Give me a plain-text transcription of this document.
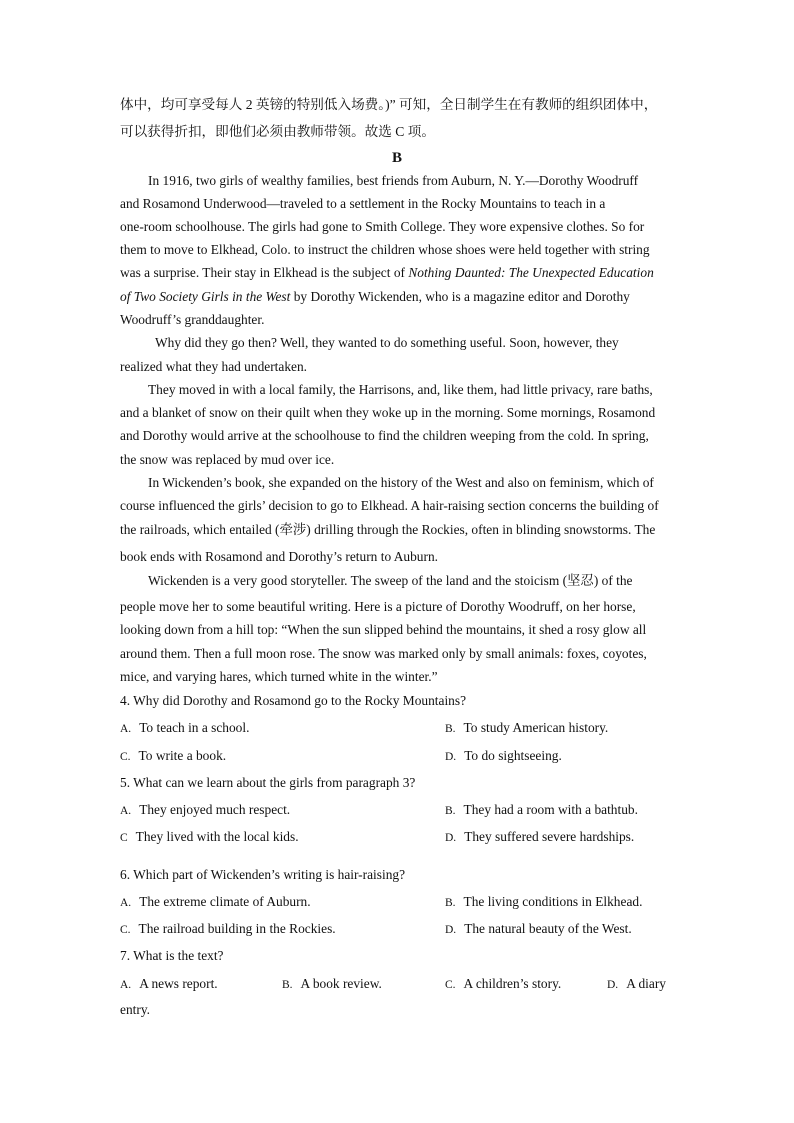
体中，均可享受每人 2 英镑的特别低入场费。)” 可知，全日制学生在有教师的组织团体中，
可以获得折扣，即他们必须由教师带领。故选 C 项。
B
In 1916, two girls of wealthy families, best friends from Auburn, N. Y.—Dorothy Woodruff
and Rosamond Underwood—traveled to a settlement in the Rocky Mountains to teach in a
one-room schoolhouse. The girls had gone to Smith College. They wore expensive clothes. So for
them to move to Elkhead, Colo. to instruct the children whose shoes were held together with string
was a surprise. Their stay in Elkhead is the subject of Nothing Daunted: The Unexpected Education
of Two Society Girls in the West by Dorothy Wickenden, who is a magazine editor and Dorothy
Woodruff’s granddaughter.
Why did they go then? Well, they wanted to do something useful. Soon, however, they
realized what they had undertaken.
They moved in with a local family, the Harrisons, and, like them, had little privacy, rare baths,
and a blanket of snow on their quilt when they woke up in the morning. Some mornings, Rosamond
and Dorothy would arrive at the schoolhouse to find the children weeping from the cold. In spring,
the snow was replaced by mud over ice.
In Wickenden’s book, she expanded on the history of the West and also on feminism, which of
course influenced the girls’ decision to go to Elkhead. A hair-raising section concerns the building of
the railroads, which entailed (牵涉) drilling through the Rockies, often in blinding snowstorms. The
book ends with Rosamond and Dorothy’s return to Auburn.
Wickenden is a very good storyteller. The sweep of the land and the stoicism (坚忍) of the
people move her to some beautiful writing. Here is a picture of Dorothy Woodruff, on her horse,
looking down from a hill top: “When the sun slipped behind the mountains, it shed a rosy glow all
around them. Then a full moon rose. The snow was marked only by small animals: foxes, coyotes,
mice, and varying hares, which turned white in the winter.”
4. Why did Dorothy and Rosamond go to the Rocky Mountains?
A. To teach in a school.	B. To study American history.
C. To write a book.	D. To do sightseeing.
5. What can we learn about the girls from paragraph 3?
A. They enjoyed much respect.	B. They had a room with a bathtub.
C They lived with the local kids.	D. They suffered severe hardships.
6. Which part of Wickenden’s writing is hair-raising?
A. The extreme climate of Auburn.	B. The living conditions in Elkhead.
C. The railroad building in the Rockies.	D. The natural beauty of the West.
7. What is the text?
A. A news report.	B. A book review.	C. A children’s story.	D. A diary
entry.
